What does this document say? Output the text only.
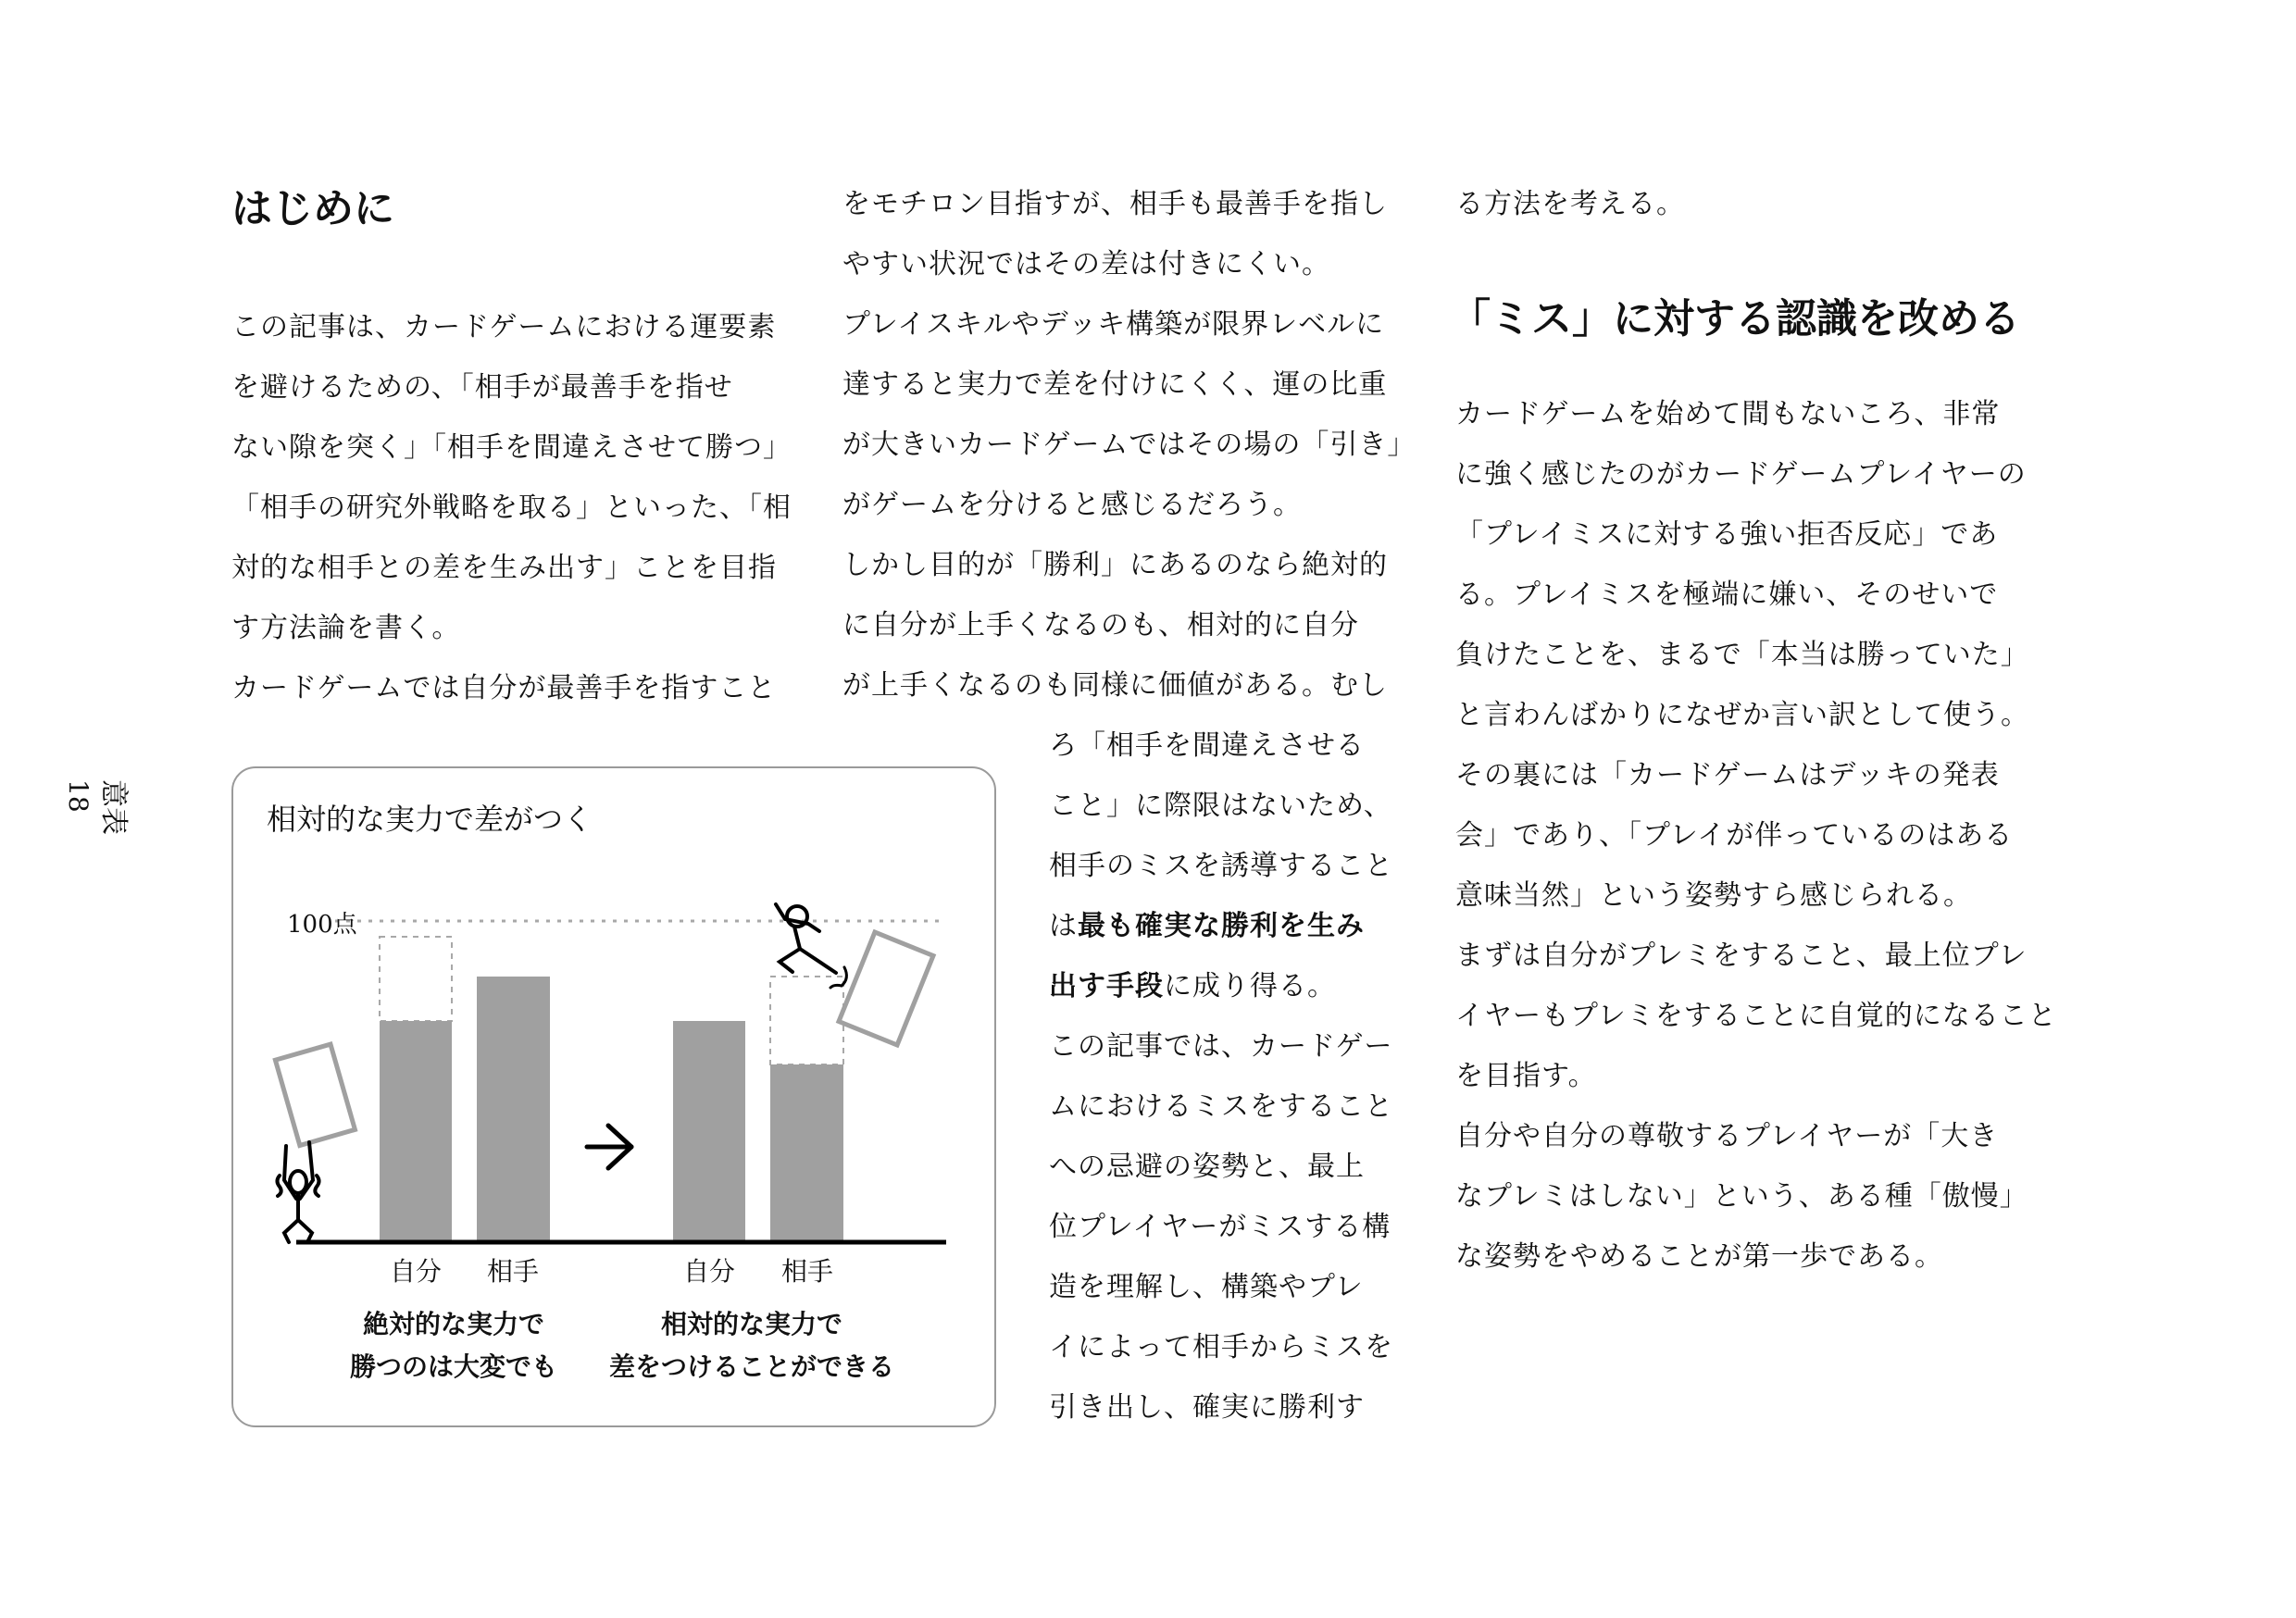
意表
18
はじめに

この記事は、カードゲームにおける運要素

を避けるための、「相手が最善手を指せ

ない隙を突く」「相手を間違えさせて勝つ」

「相手の研究外戦略を取る」といった、「相

対的な相手との差を生み出す」ことを目指

す方法論を書く。

カードゲームでは自分が最善手を指すこと

をモチロン目指すが、相手も最善手を指し

やすい状況ではその差は付きにくい。

プレイスキルやデッキ構築が限界レベルに

達すると実力で差を付けにくく、運の比重

が大きいカードゲームではその場の「引き」

がゲームを分けると感じるだろう。

しかし目的が「勝利」にあるのなら絶対的

に自分が上手くなるのも、相対的に自分

が上手くなるのも同様に価値がある。むし

ろ「相手を間違えさせる

こと」に際限はないため、

相手のミスを誘導すること

は最も確実な勝利を生み

出す手段に成り得る。

この記事では、カードゲー

ムにおけるミスをすること

への忌避の姿勢と、最上

位プレイヤーがミスする構

造を理解し、構築やプレ

イによって相手からミスを

引き出し、確実に勝利す

る方法を考える。

「ミス」に対する認識を改める

カードゲームを始めて間もないころ、非常

に強く感じたのがカードゲームプレイヤーの

「プレイミスに対する強い拒否反応」であ

る。プレイミスを極端に嫌い、そのせいで

負けたことを、まるで「本当は勝っていた」

と言わんばかりになぜか言い訳として使う。

その裏には「カードゲームはデッキの発表

会」であり、「プレイが伴っているのはある

意味当然」という姿勢すら感じられる。

まずは自分がプレミをすること、最上位プレ

イヤーもプレミをすることに自覚的になること

を目指す。

自分や自分の尊敬するプレイヤーが「大き

なプレミはしない」という、ある種「傲慢」

な姿勢をやめることが第一歩である。

相対的な実力で差がつく
100点
自分	相手	自分	相手
絶対的な実力で
勝つのは大変でも
相対的な実力で
差をつけることができる
